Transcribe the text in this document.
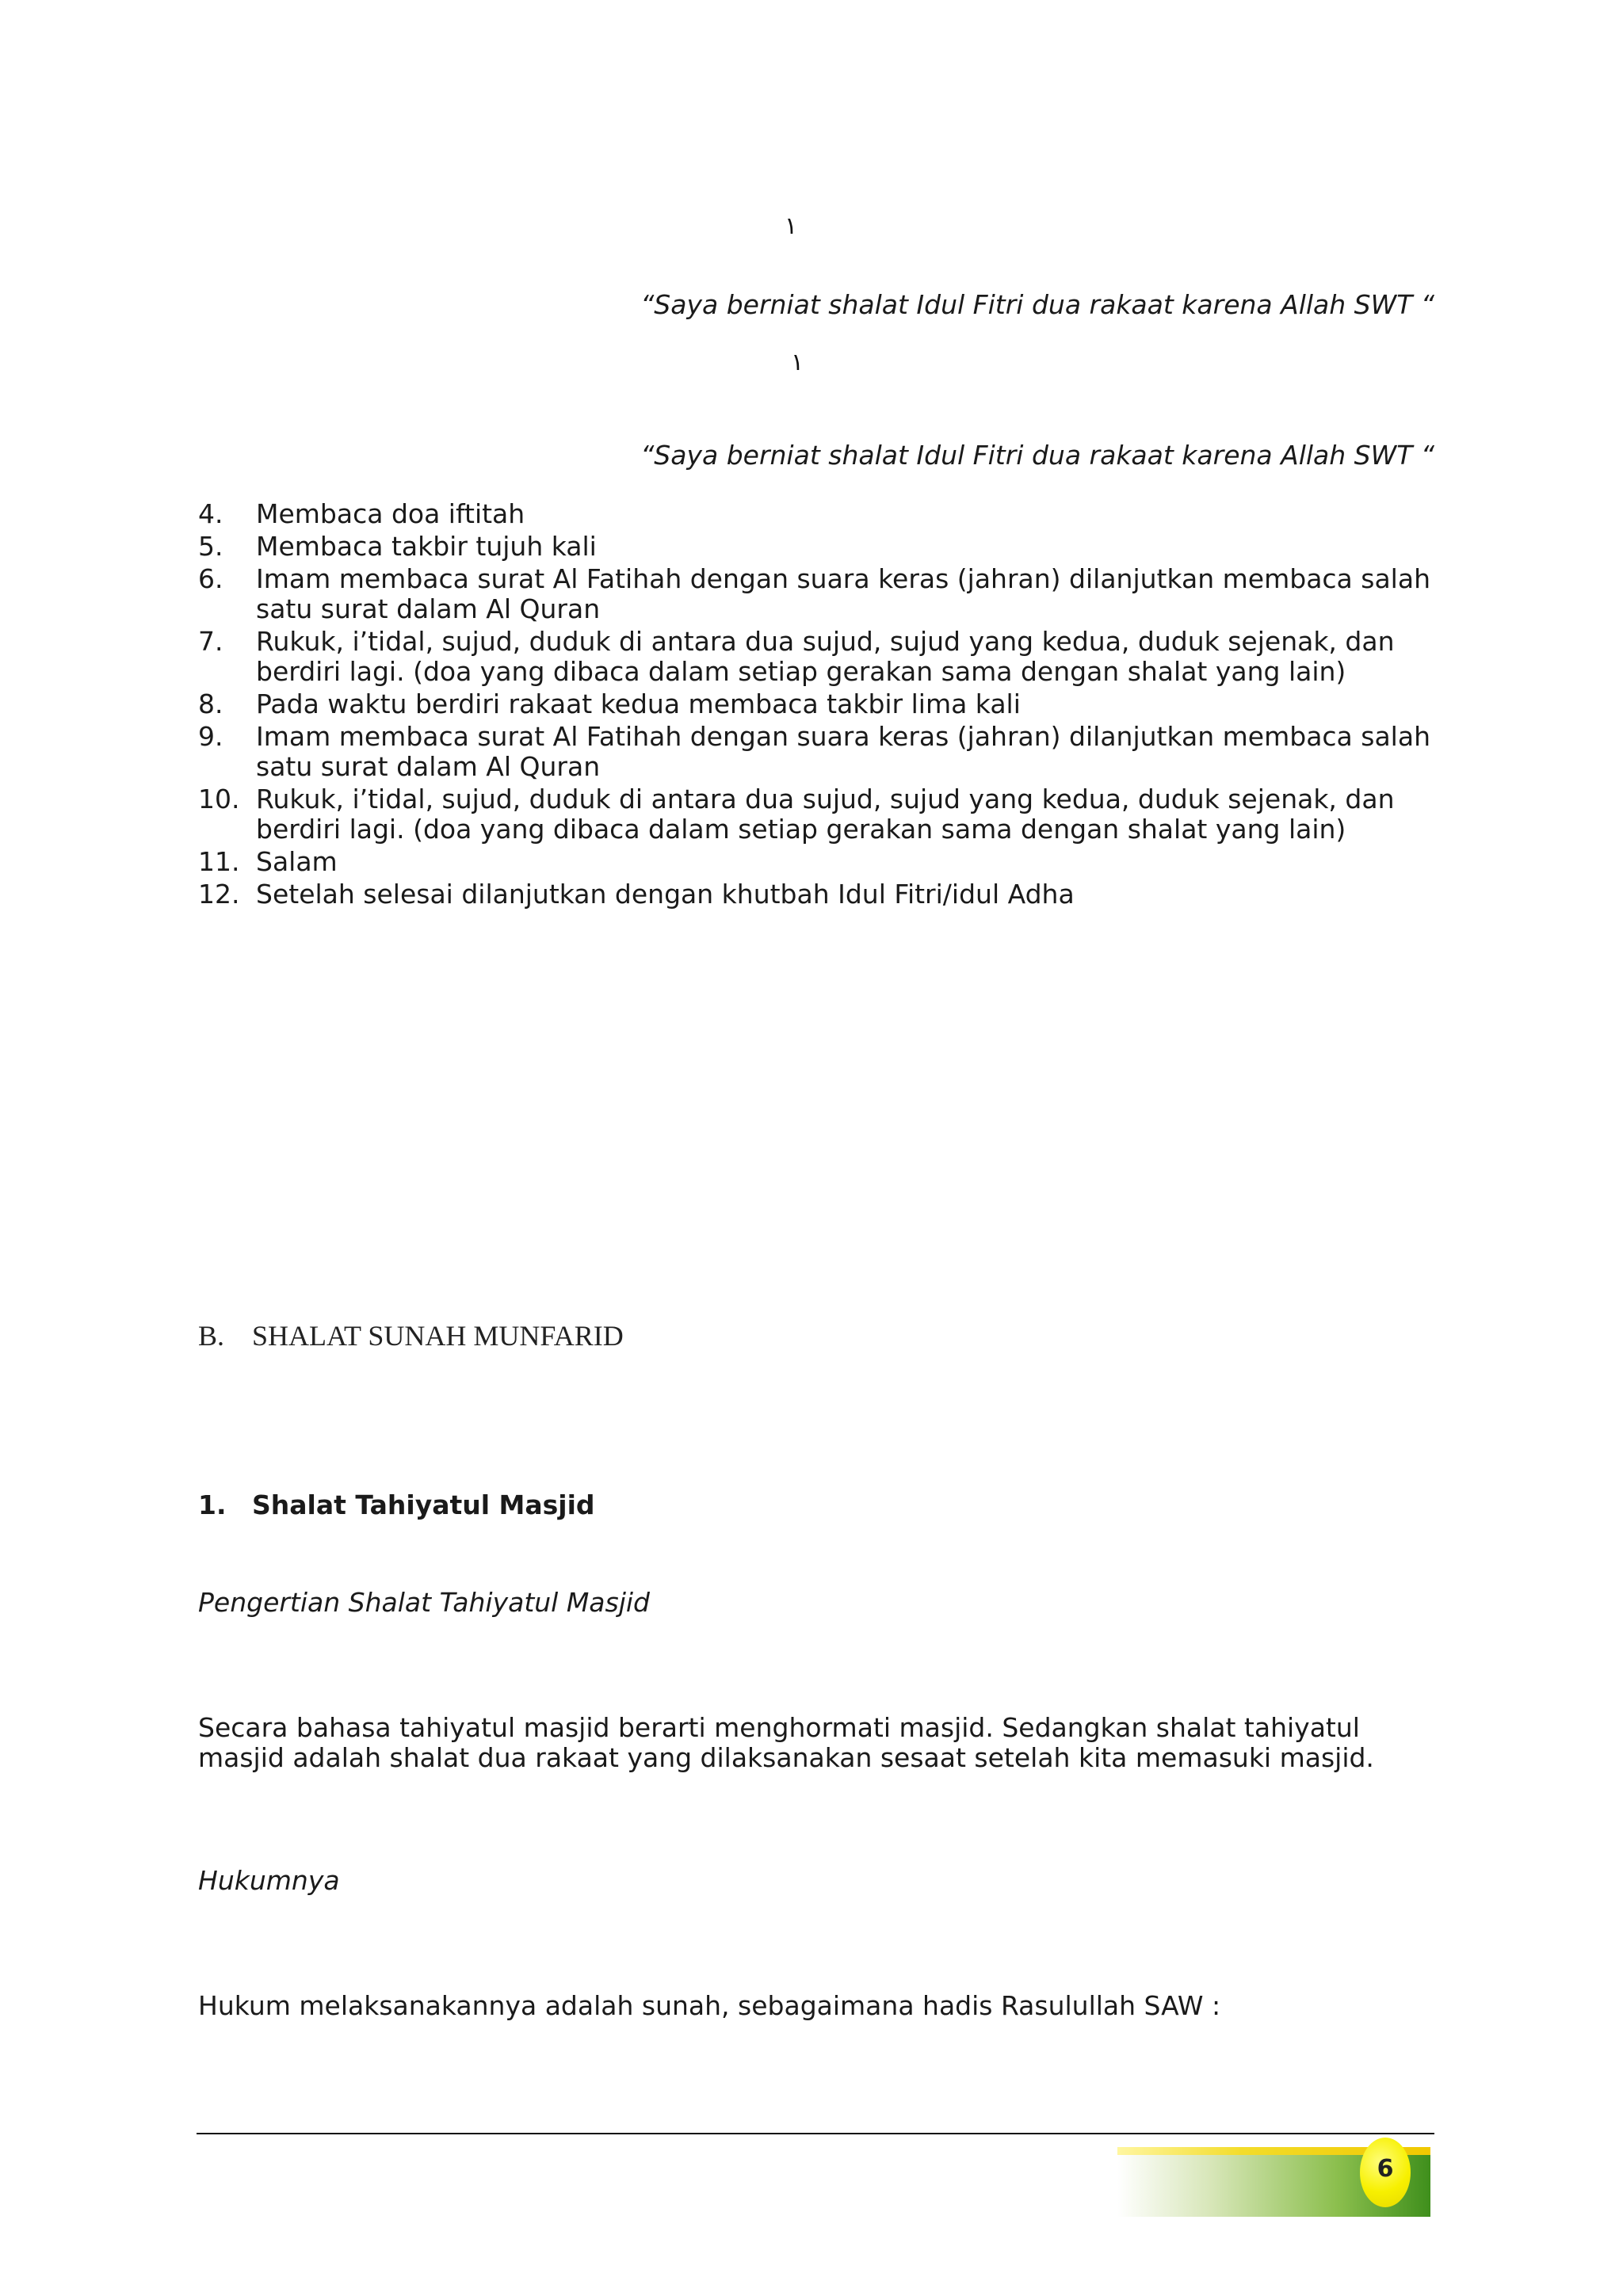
١
“Saya berniat shalat Idul Fitri dua rakaat karena Allah SWT “
١
“Saya berniat shalat Idul Fitri dua rakaat karena Allah SWT “
4. Membaca doa iftitah
5. Membaca takbir tujuh kali
6. Imam membaca surat Al Fatihah dengan suara keras (jahran) dilanjutkan membaca salah satu surat dalam Al Quran
7. Rukuk, i’tidal, sujud, duduk di antara dua sujud, sujud yang kedua, duduk sejenak, dan berdiri lagi. (doa yang dibaca dalam setiap gerakan sama dengan shalat yang lain)
8. Pada waktu berdiri rakaat kedua membaca takbir lima kali
9. Imam membaca surat Al Fatihah dengan suara keras (jahran) dilanjutkan membaca salah satu surat dalam Al Quran
10. Rukuk, i’tidal, sujud, duduk di antara dua sujud, sujud yang kedua, duduk sejenak, dan berdiri lagi. (doa yang dibaca dalam setiap gerakan sama dengan shalat yang lain)
11. Salam
12. Setelah selesai dilanjutkan dengan khutbah Idul Fitri/idul Adha
B. SHALAT SUNAH MUNFARID
1. Shalat Tahiyatul Masjid
Pengertian Shalat Tahiyatul Masjid
Secara bahasa tahiyatul masjid berarti menghormati masjid. Sedangkan shalat tahiyatul masjid adalah shalat dua rakaat yang dilaksanakan sesaat setelah kita memasuki masjid.
Hukumnya
Hukum melaksanakannya adalah sunah, sebagaimana hadis Rasulullah SAW :
6
